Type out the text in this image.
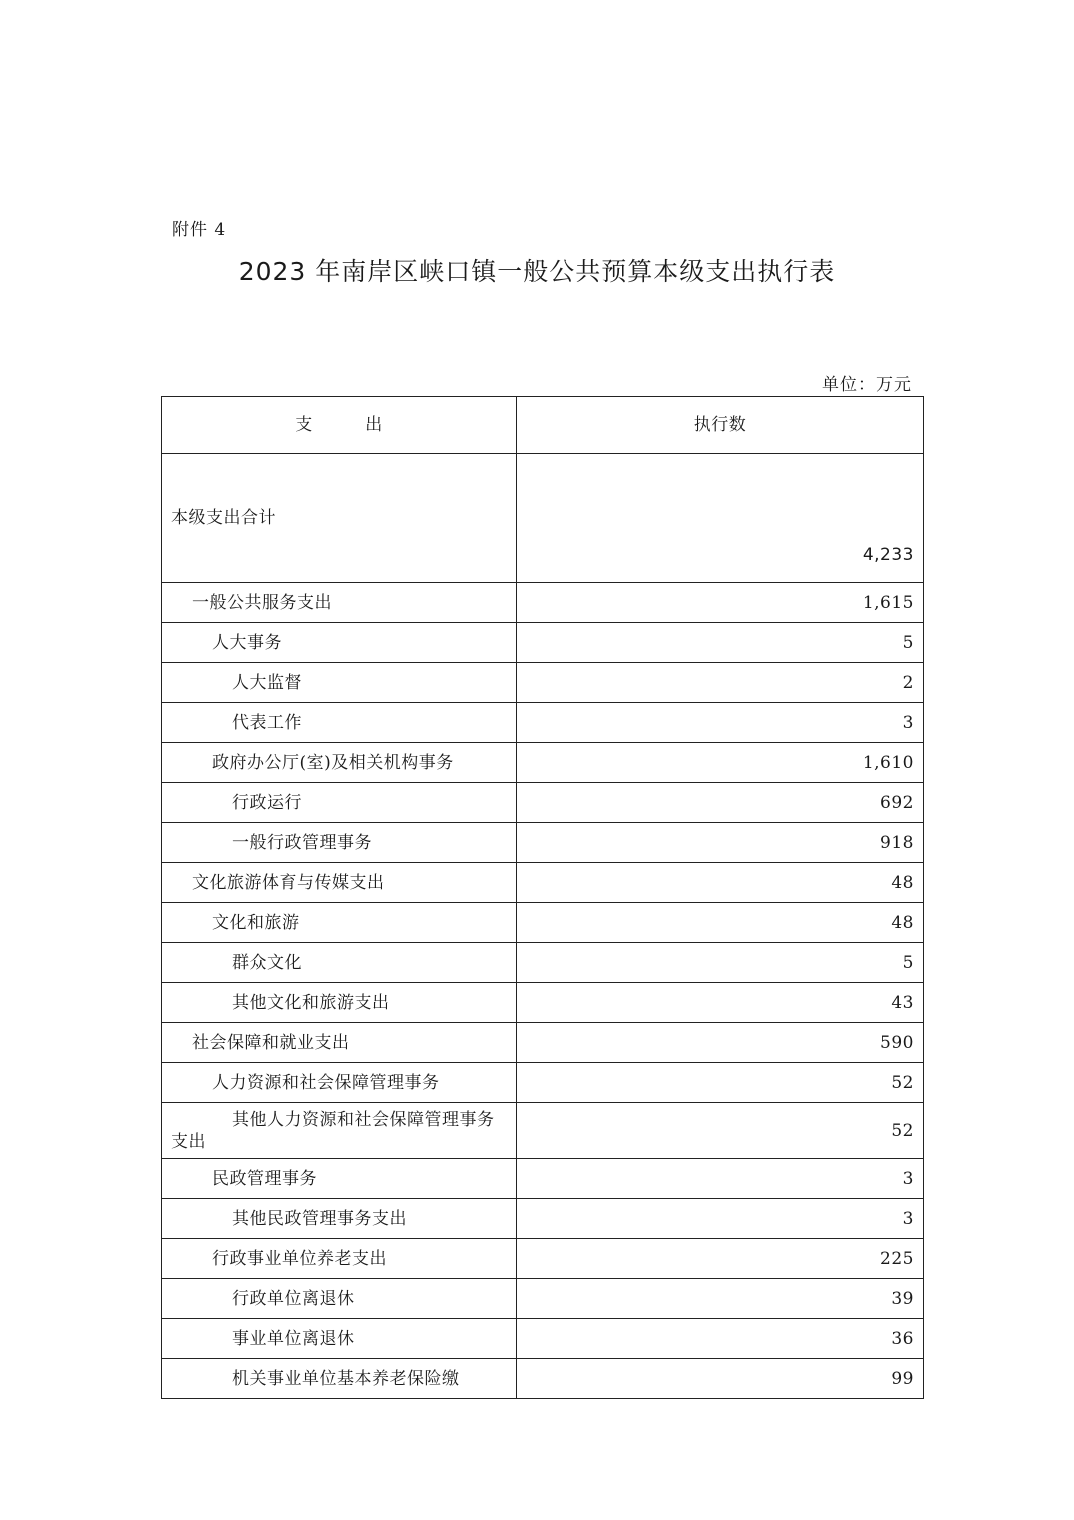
附件 4
2023 年南岸区峡口镇一般公共预算本级支出执行表
单位：万元
支　　　出	执行数
本级支出合计	4,233
一般公共服务支出	1,615
人大事务	5
人大监督	2
代表工作	3
政府办公厅(室)及相关机构事务	1,610
行政运行	692
一般行政管理事务	918
文化旅游体育与传媒支出	48
文化和旅游	48
群众文化	5
其他文化和旅游支出	43
社会保障和就业支出	590
人力资源和社会保障管理事务	52
其他人力资源和社会保障管理事务支出	52
民政管理事务	3
其他民政管理事务支出	3
行政事业单位养老支出	225
行政单位离退休	39
事业单位离退休	36
机关事业单位基本养老保险缴	99
